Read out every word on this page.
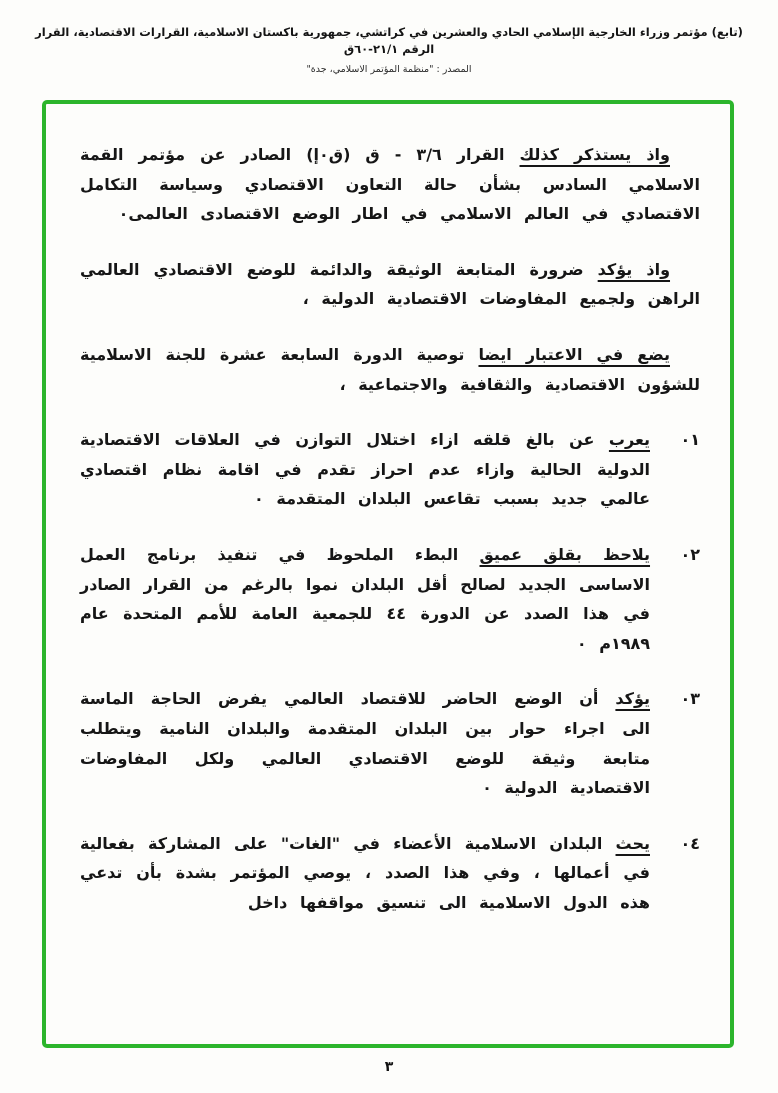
(تابع) مؤتمر وزراء الخارجية الإسلامي الحادي والعشرين في كراتشي، جمهورية باكستان الاسلامية، القرارات الاقتصادية، القرار الرقم ٢١/١-٦٠ق
المصدر : "منظمة المؤتمر الاسلامي، جدة"

واذ يستذكر كذلك القرار ٣/٦ - ق (ق٠إ) الصادر عن مؤتمر القمة الاسلامي السادس بشأن حالة التعاون الاقتصادي وسياسة التكامل الاقتصادي في العالم الاسلامي في اطار الوضع الاقتصادى العالمى٠

واذ يؤكد ضرورة المتابعة الوثيقة والدائمة للوضع الاقتصادي العالمي الراهن ولجميع المفاوضات الاقتصادية الدولية ،

يضع في الاعتبار ايضا توصية الدورة السابعة عشرة للجنة الاسلامية للشؤون الاقتصادية والثقافية والاجتماعية ،

٠١

يعرب عن بالغ قلقه ازاء اختلال التوازن في العلاقات الاقتصادية الدولية الحالية وازاء عدم احراز تقدم في اقامة نظام اقتصادي عالمي جديد بسبب تقاعس البلدان المتقدمة ٠

٠٢

يلاحظ بقلق عميق البطء الملحوظ في تنفيذ برنامج العمل الاساسى الجديد لصالح أقل البلدان نموا بالرغم من القرار الصادر في هذا الصدد عن الدورة ٤٤ للجمعية العامة للأمم المتحدة عام ١٩٨٩م ٠

٠٣

يؤكد أن الوضع الحاضر للاقتصاد العالمي يفرض الحاجة الماسة الى اجراء حوار بين البلدان المتقدمة والبلدان النامية ويتطلب متابعة وثيقة للوضع الاقتصادي العالمي ولكل المفاوضات الاقتصادية الدولية ٠

٠٤

يحث البلدان الاسلامية الأعضاء في "الغات" على المشاركة بفعالية في أعمالها ، وفي هذا الصدد ، يوصي المؤتمر بشدة بأن تدعي هذه الدول الاسلامية الى تنسيق مواقفها داخل

٣
